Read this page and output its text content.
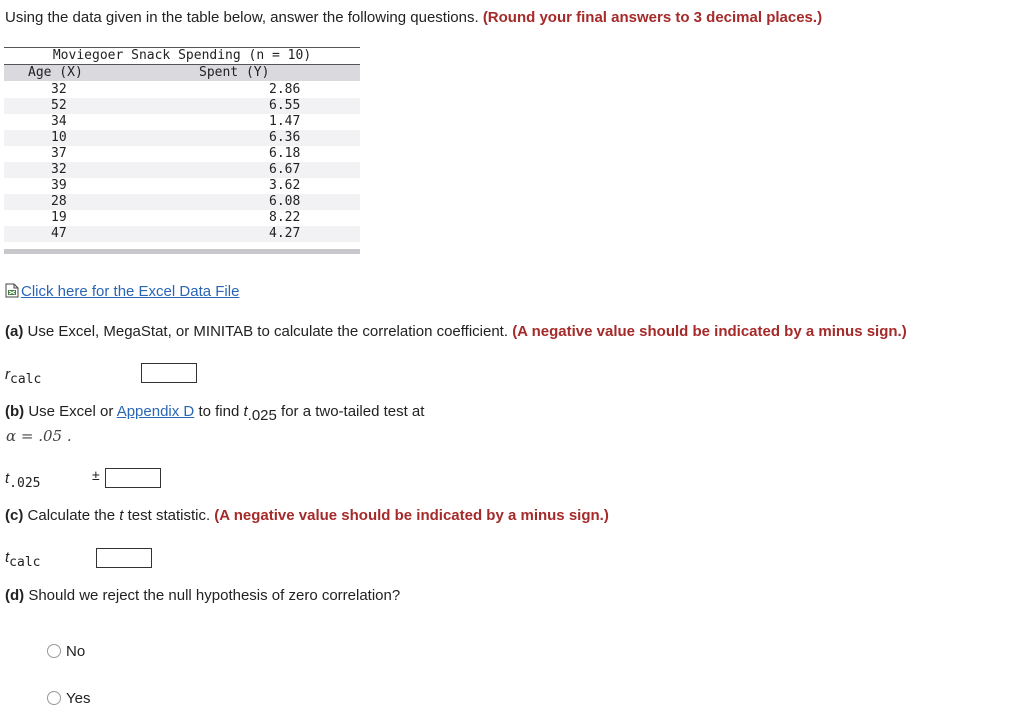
Using the data given in the table below, answer the following questions. (Round your final answers to 3 decimal places.)
Moviegoer Snack Spending (n = 10)	
Age (X)	Spent (Y)
32	2.86
52	6.55
34	1.47
10	6.36
37	6.18
32	6.67
39	3.62
28	6.08
19	8.22
47	4.27
Click here for the Excel Data File
(a) Use Excel, MegaStat, or MINITAB to calculate the correlation coefficient. (A negative value should be indicated by a minus sign.)
rcalc
(b) Use Excel or Appendix D to find t.025 for a two-tailed test at
α = .05 .
t.025
±
(c) Calculate the t test statistic. (A negative value should be indicated by a minus sign.)
tcalc
(d) Should we reject the null hypothesis of zero correlation?
No
Yes
